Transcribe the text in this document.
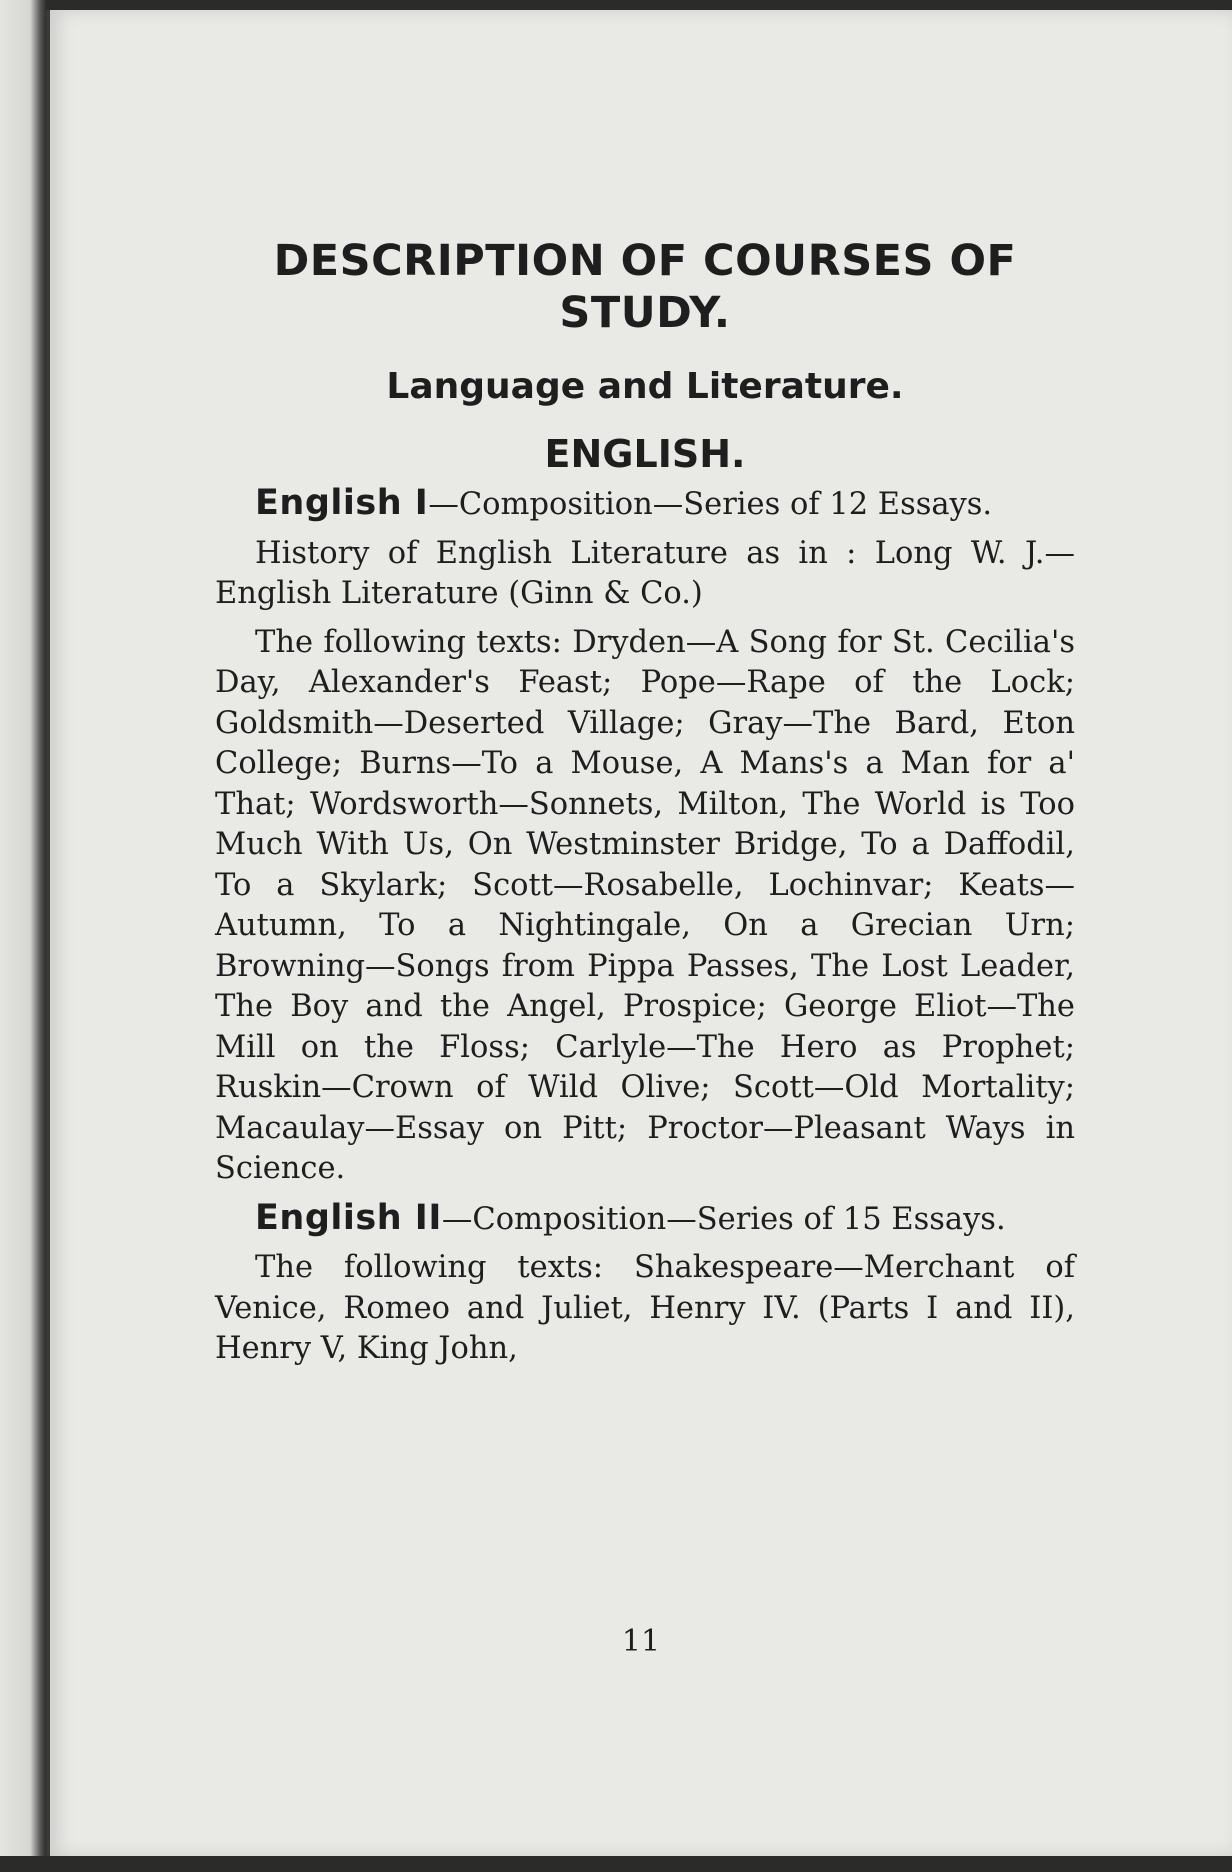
DESCRIPTION OF COURSES OF
STUDY.
Language and Literature.
ENGLISH.

English I—Composition—Series of 12 Essays.

History of English Literature as in : Long W. J.—English Literature (Ginn & Co.)

The following texts: Dryden—A Song for St. Cecilia's Day, Alexander's Feast; Pope—Rape of the Lock; Goldsmith—Deserted Village; Gray—The Bard, Eton College; Burns—To a Mouse, A Mans's a Man for a' That; Wordsworth—Sonnets, Milton, The World is Too Much With Us, On Westminster Bridge, To a Daffodil, To a Skylark; Scott—Rosabelle, Lochinvar; Keats—Autumn, To a Nightingale, On a Grecian Urn; Browning—Songs from Pippa Passes, The Lost Leader, The Boy and the Angel, Prospice; George Eliot—The Mill on the Floss; Carlyle—The Hero as Prophet; Ruskin—Crown of Wild Olive; Scott—Old Mortality; Macaulay—Essay on Pitt; Proctor—Pleasant Ways in Science.

English II—Composition—Series of 15 Essays.

The following texts: Shakespeare—Merchant of Venice, Romeo and Juliet, Henry IV. (Parts I and II), Henry V, King John,

11
